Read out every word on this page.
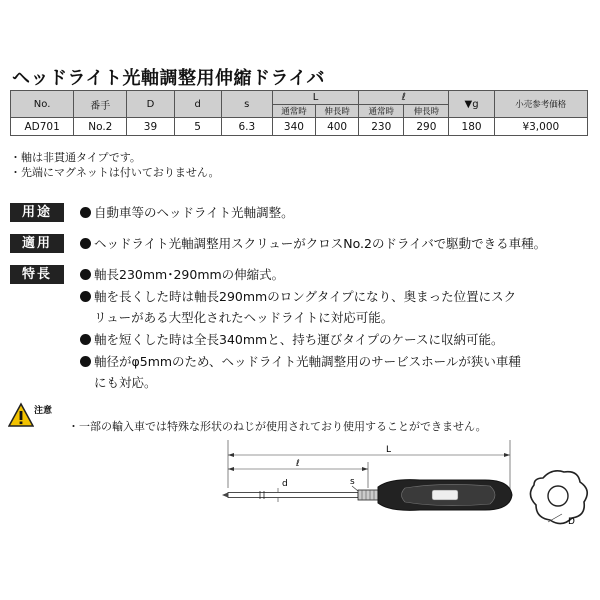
ヘッドライト光軸調整用伸縮ドライバ
No.	番手	D	d	s	L		ℓ		▼g	小売参考価格
					通常時	伸長時	通常時	伸長時		
AD701	No.2	39	5	6.3	340	400	230	290	180	¥3,000
・軸は非貫通タイプです。
・先端にマグネットは付いておりません。
用途	自動車等のヘッドライト光軸調整。
適用	ヘッドライト光軸調整用スクリューがクロスNo.2のドライバで駆動できる車種。
特長	軸長230mm･290mmの伸縮式。
軸を長くした時は軸長290mmのロングタイプになり、奥まった位置にスク
リューがある大型化されたヘッドライトに対応可能。
軸を短くした時は全長340mmと、持ち運びタイプのケースに収納可能。
軸径がφ5mmのため、ヘッドライト光軸調整用のサービスホールが狭い車種
にも対応。
注意
・一部の輸入車では特殊な形状のねじが使用されており使用することができません。
L
ℓ
d	s
D
